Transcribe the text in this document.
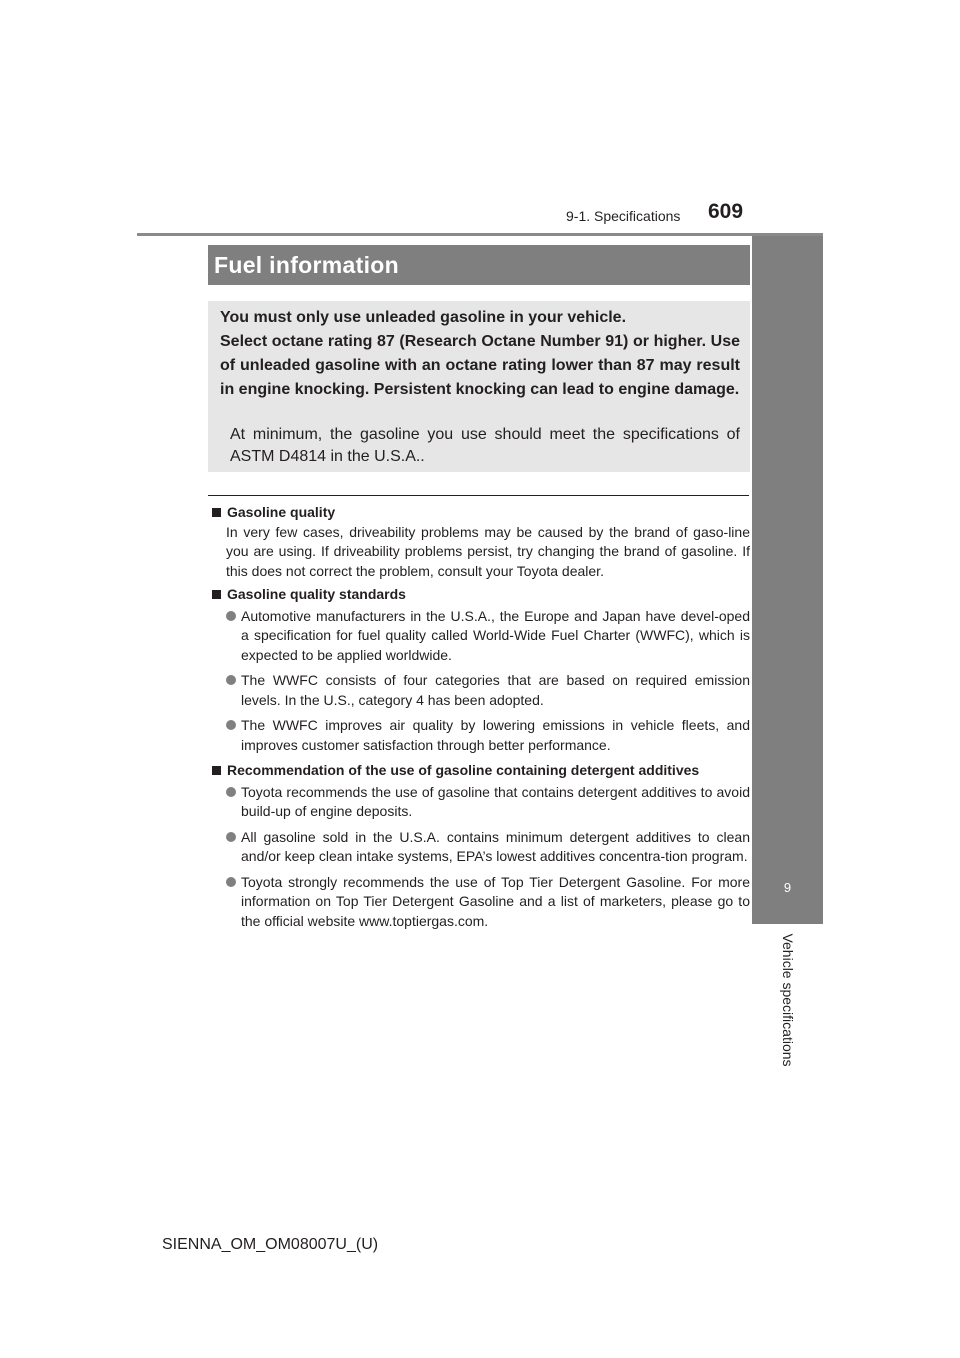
9-1. Specifications 609
9
Vehicle specifications
Fuel information

You must only use unleaded gasoline in your vehicle.

Select octane rating 87 (Research Octane Number 91) or higher. Use of unleaded gasoline with an octane rating lower than 87 may result in engine knocking. Persistent knocking can lead to engine damage.

At minimum, the gasoline you use should meet the specifications of ASTM D4814 in the U.S.A..
Gasoline quality

In very few cases, driveability problems may be caused by the brand of gaso-line you are using. If driveability problems persist, try changing the brand of gasoline. If this does not correct the problem, consult your Toyota dealer.

Gasoline quality standards
Automotive manufacturers in the U.S.A., the Europe and Japan have devel-oped a specification for fuel quality called World-Wide Fuel Charter (WWFC), which is expected to be applied worldwide.
The WWFC consists of four categories that are based on required emission levels. In the U.S., category 4 has been adopted.
The WWFC improves air quality by lowering emissions in vehicle fleets, and improves customer satisfaction through better performance.
Recommendation of the use of gasoline containing detergent additives
Toyota recommends the use of gasoline that contains detergent additives to avoid build-up of engine deposits.
All gasoline sold in the U.S.A. contains minimum detergent additives to clean and/or keep clean intake systems, EPA’s lowest additives concentra-tion program.
Toyota strongly recommends the use of Top Tier Detergent Gasoline. For more information on Top Tier Detergent Gasoline and a list of marketers, please go to the official website www.toptiergas.com.
SIENNA_OM_OM08007U_(U)
